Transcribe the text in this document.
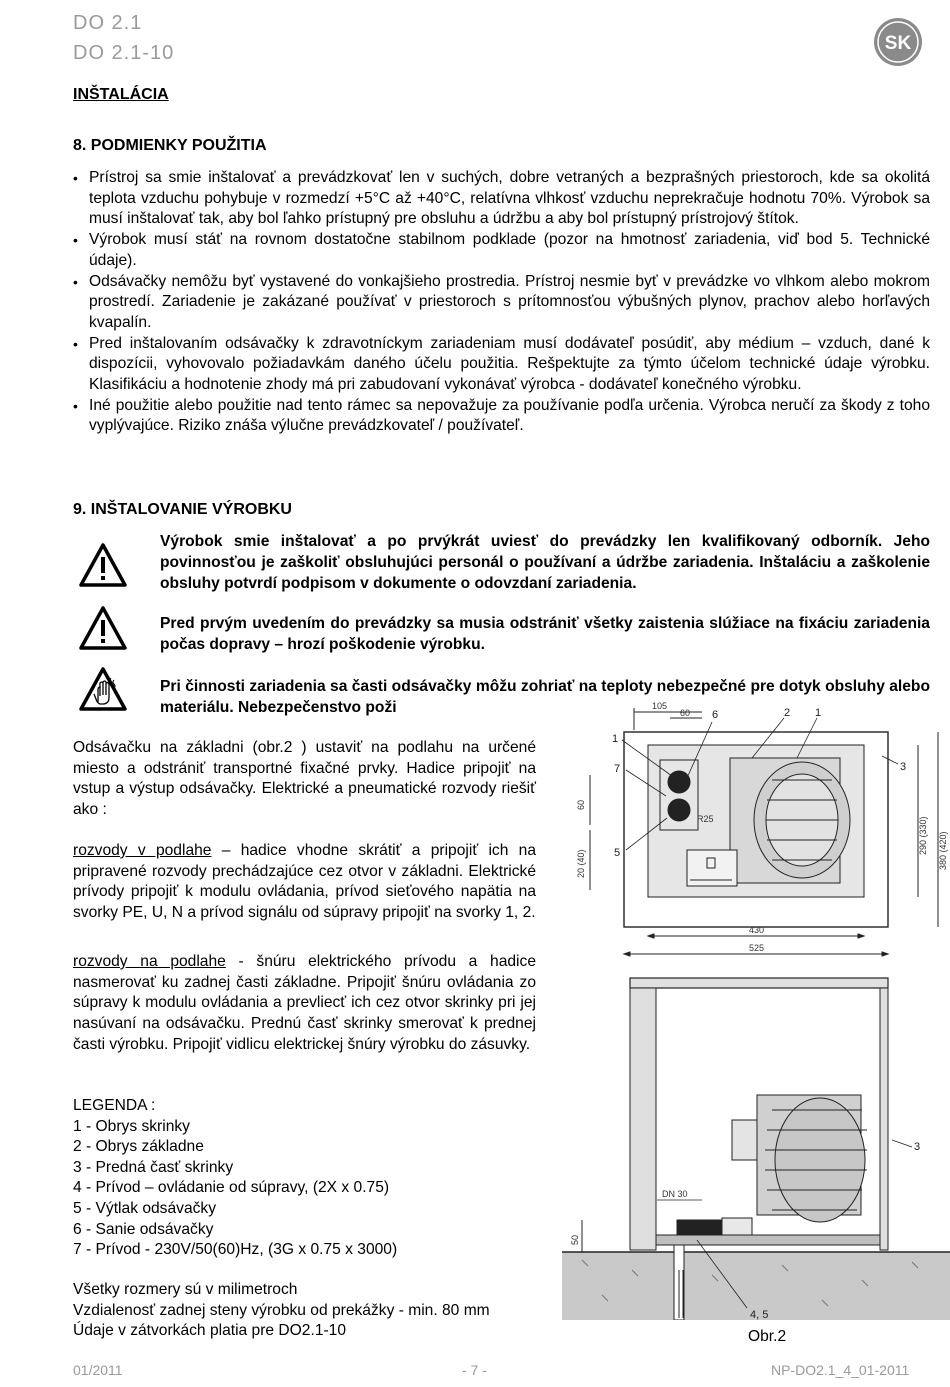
DO 2.1
DO 2.1-10	SK
INŠTALÁCIA
8. PODMIENKY POUŽITIA
• Prístroj sa smie inštalovať a prevádzkovať len v suchých, dobre vetraných a bezprašných priestoroch, kde sa okolitá teplota vzduchu pohybuje v rozmedzí +5°C až +40°C, relatívna vlhkosť vzduchu neprekračuje hodnotu 70%. Výrobok sa musí inštalovať tak, aby bol ľahko prístupný pre obsluhu a údržbu a aby bol prístupný prístrojový štítok.
• Výrobok musí stáť na rovnom dostatočne stabilnom podklade (pozor na hmotnosť zariadenia, viď bod 5. Technické údaje).
• Odsávačky nemôžu byť vystavené do vonkajšieho prostredia. Prístroj nesmie byť v prevádzke vo vlhkom alebo mokrom prostredí. Zariadenie je zakázané používať v priestoroch s prítomnosťou výbušných plynov, prachov alebo horľavých kvapalín.
• Pred inštalovaním odsávačky k zdravotníckym zariadeniam musí dodávateľ posúdiť, aby médium – vzduch, dané k dispozícii, vyhovovalo požiadavkám daného účelu použitia. Rešpektujte za týmto účelom technické údaje výrobku. Klasifikáciu a hodnotenie zhody má pri zabudovaní vykonávať výrobca - dodávateľ konečného výrobku.
• Iné použitie alebo použitie nad tento rámec sa nepovažuje za používanie podľa určenia. Výrobca neručí za škody z toho vyplývajúce. Riziko znáša výlučne prevádzkovateľ / používateľ.
9. INŠTALOVANIE VÝROBKU
Výrobok smie inštalovať a po prvýkrát uviesť do prevádzky len kvalifikovaný odborník. Jeho povinnosťou je zaškoliť obsluhujúci personál o používaní a údržbe zariadenia. Inštaláciu a zaškolenie obsluhy potvrdí podpisom v dokumente o odovzdaní zariadenia.
Pred prvým uvedením do prevádzky sa musia odstrániť všetky zaistenia slúžiace na fixáciu zariadenia počas dopravy – hrozí poškodenie výrobku.
Pri činnosti zariadenia sa časti odsávačky môžu zohriať na teploty nebezpečné pre dotyk obsluhy alebo materiálu. Nebezpečenstvo poži
Odsávačku na základni (obr.2 ) ustaviť na podlahu na určené miesto a odstrániť transportné fixačné prvky. Hadice pripojiť na vstup a výstup odsávačky. Elektrické a pneumatické rozvody riešiť ako :
rozvody v podlahe – hadice vhodne skrátiť a pripojiť ich na pripravené rozvody prechádzajúce cez otvor v základni. Elektrické prívody pripojiť k modulu ovládania, prívod sieťového napätia na svorky PE, U, N a prívod signálu od súpravy pripojiť na svorky 1, 2.
rozvody na podlahe - šnúru elektrického prívodu a hadice nasmerovať ku zadnej časti základne. Pripojiť šnúru ovládania zo súpravy k modulu ovládania a prevliecť ich cez otvor skrinky pri jej nasúvaní na odsávačku. Prednú časť skrinky smerovať k prednej časti výrobku. Pripojiť vidlicu elektrickej šnúry výrobku do zásuvky.
LEGENDA :
1 - Obrys skrinky
2 - Obrys základne
3 - Predná časť skrinky
4 - Prívod – ovládanie od súpravy, (2X x 0.75)
5 - Výtlak odsávačky
6 - Sanie odsávačky
7 - Prívod - 230V/50(60)Hz, (3G x 0.75 x 3000)
Všetky rozmery sú v milimetroch
Vzdialenosť zadnej steny výrobku od prekážky - min. 80 mm
Údaje v zátvorkách platia pre DO2.1-10
105
60
60
20 (40)
290 (330) 380 (420)
430
525
R25
1
7
6	2 1
3
5
50
DN 30
3
4, 5
Obr.2
01/2011	- 7 -	NP-DO2.1_4_01-2011
